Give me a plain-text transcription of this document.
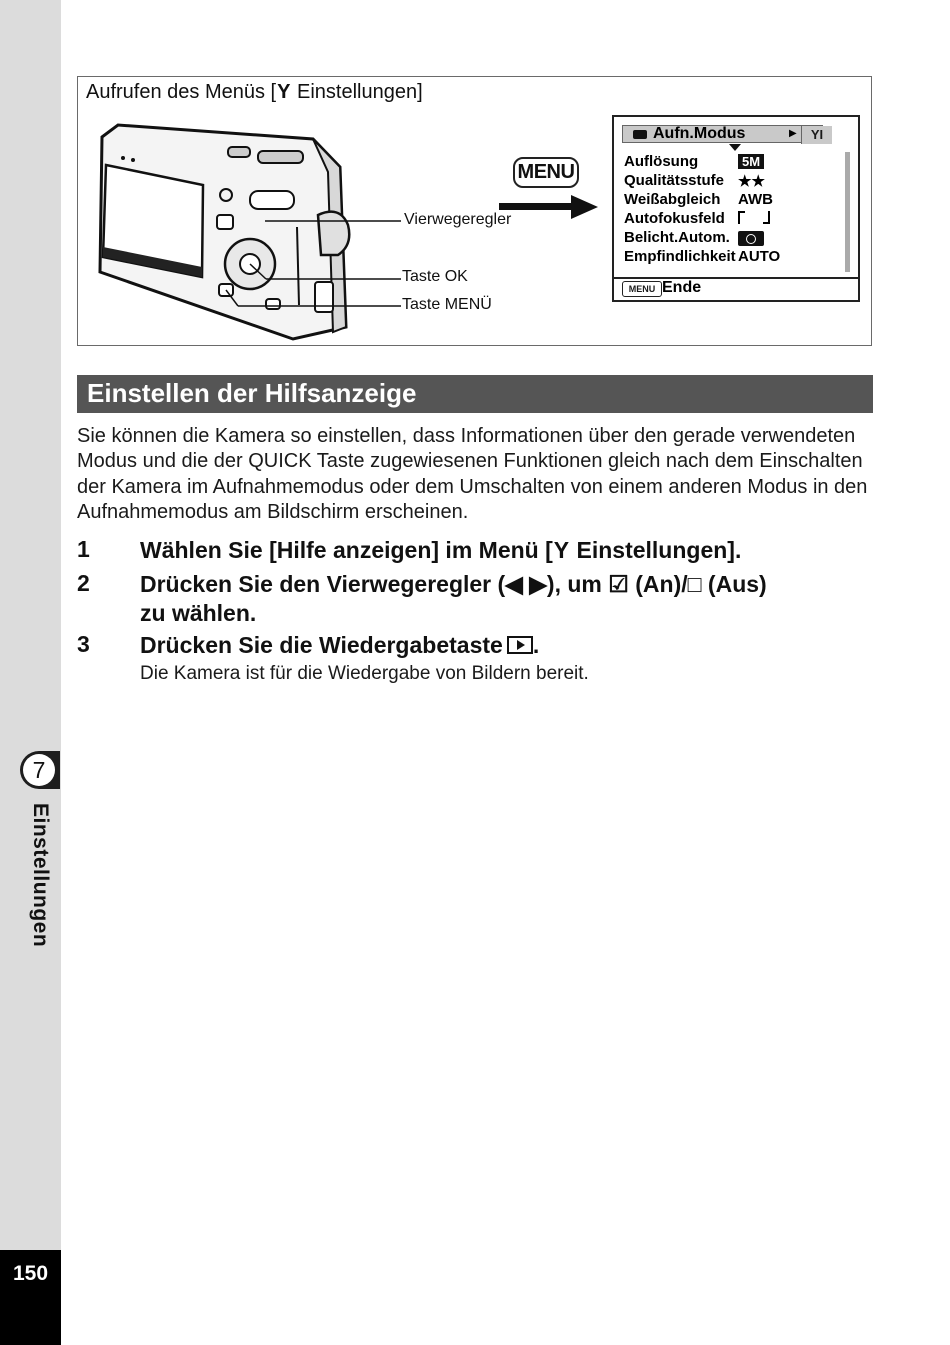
7
Einstellungen
150
Aufrufen des Menüs [Y Einstellungen]
Vierwegeregler
Taste OK
Taste MENÜ
MENU
Aufn.Modus	▶	YI
Auflösung	5M
Qualitätsstufe ★★
Weißabgleich AWB
Autofokusfeld
Belicht.Autom.
Empfindlichkeit AUTO
MENU Ende
Einstellen der Hilfsanzeige
Sie können die Kamera so einstellen, dass Informationen über den gerade verwendeten Modus und die der QUICK Taste zugewiesenen Funktionen gleich nach dem Einschalten der Kamera im Aufnahmemodus oder dem Umschalten von einem anderen Modus in den Aufnahmemodus am Bildschirm erscheinen.
1 Wählen Sie [Hilfe anzeigen] im Menü [Y Einstellungen].
2 Drücken Sie den Vierwegeregler (◀ ▶), um ☑ (An)/□ (Aus)
zu wählen.
3 Drücken Sie die Wiedergabetaste .
Die Kamera ist für die Wiedergabe von Bildern bereit.
